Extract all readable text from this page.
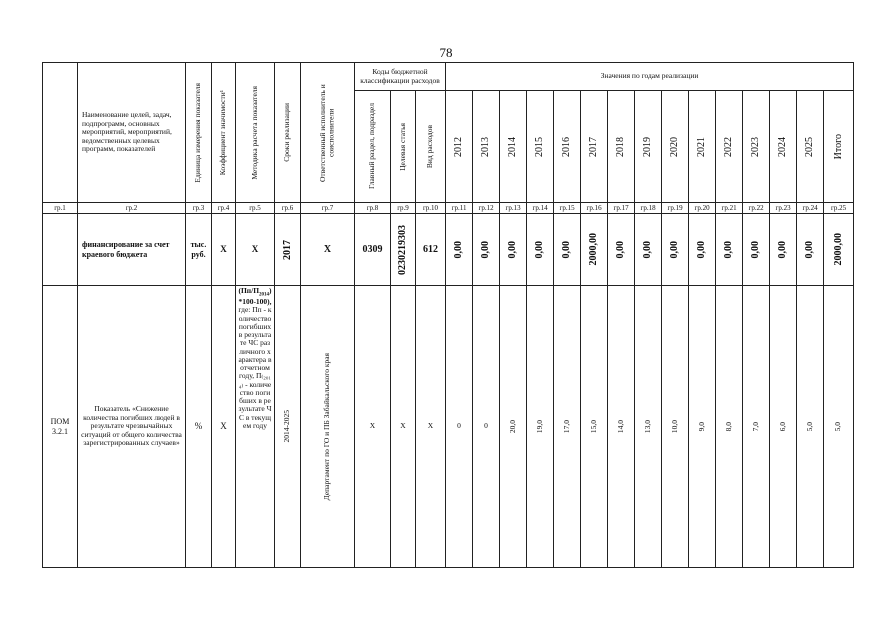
78
	Наименование целей, задач, подпрограмм, основных мероприятий, мероприятий, ведомственных целевых программ, показателей	Единица измерения показателя	Коэффициент значимости¹	Методика расчета показателя	Сроки реализации	Ответственный исполнитель и соисполнители	Коды бюджетной классификации расходов			Значения по годам реализации														

							Главный раздел, подраздел	Целевая статья	Вид расходов	2012	2013	2014	2015	2016	2017	2018	2019	2020	2021	2022	2023	2024	2025	Итого

гр.1	гр.2	гр.3	гр.4	гр.5	гр.6	гр.7	гр.8	гр.9	гр.10	гр.11	гр.12	гр.13	гр.14	гр.15	гр.16	гр.17	гр.18	гр.19	гр.20	гр.21	гр.22	гр.23	гр.24	гр.25
	финансирование за счет краевого бюджета	тыс. руб.	Х	Х	2017	Х	0309	0230219303	612	0,00	0,00	0,00	0,00	0,00	2000,00	0,00	0,00	0,00	0,00	0,00	0,00	0,00	0,00	2000,00

ПОМ 3.2.1	Показатель «Снижение количества погибших людей в результате чрезвычайных ситуаций от общего количества зарегистрированных случаев»	%	Х	$(Пп/П_{2014})*100-100$), где: Пп - количество погибших в результате ЧС различного характера в отчетном году, П₍₂₀₁₄₎ - количество погибших в результате ЧС в текущем году	2014-2025	Департамент по ГО и ПБ Забайкальского края	Х	Х	Х	0	0	20,0	19,0	17,0	15,0	14,0	13,0	10,0	9,0	8,0	7,0	6,0	5,0	5,0
